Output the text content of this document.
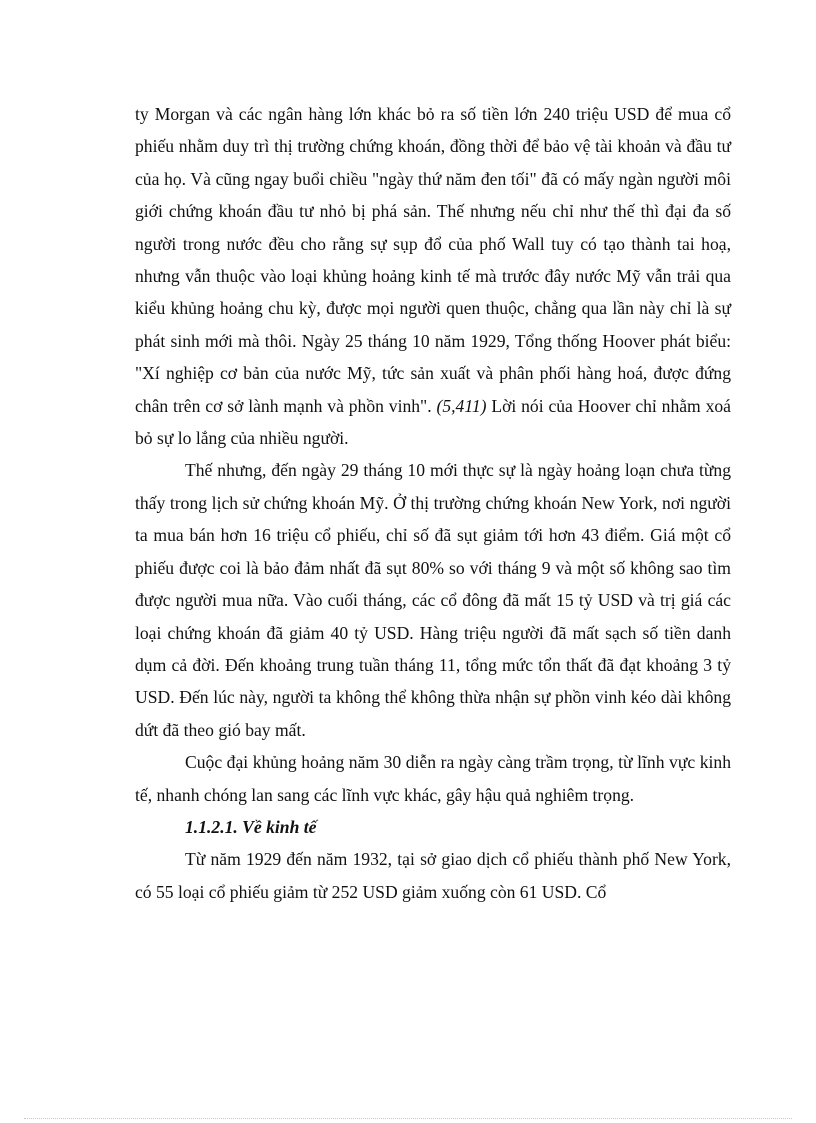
ty Morgan và các ngân hàng lớn khác bỏ ra số tiền lớn 240 triệu USD để mua cổ phiếu nhằm duy trì thị trường chứng khoán, đồng thời để bảo vệ tài khoản và đầu tư của họ. Và cũng ngay buổi chiều "ngày thứ năm đen tối" đã có mấy ngàn người môi giới chứng khoán đầu tư nhỏ bị phá sản. Thế nhưng nếu chỉ như thế thì đại đa số người trong nước đều cho rằng sự sụp đổ của phố Wall tuy có tạo thành tai hoạ, nhưng vẫn thuộc vào loại khủng hoảng kinh tế mà trước đây nước Mỹ vẫn trải qua kiểu khủng hoảng chu kỳ, được mọi người quen thuộc, chẳng qua lần này chỉ là sự phát sinh mới mà thôi. Ngày 25 tháng 10 năm 1929, Tổng thống Hoover phát biểu: "Xí nghiệp cơ bản của nước Mỹ, tức sản xuất và phân phối hàng hoá, được đứng chân trên cơ sở lành mạnh và phồn vinh". (5,411) Lời nói của Hoover chỉ nhằm xoá bỏ sự lo lắng của nhiều người.

Thế nhưng, đến ngày 29 tháng 10 mới thực sự là ngày hoảng loạn chưa từng thấy trong lịch sử chứng khoán Mỹ. Ở thị trường chứng khoán New York, nơi người ta mua bán hơn 16 triệu cổ phiếu, chỉ số đã sụt giảm tới hơn 43 điểm. Giá một cổ phiếu được coi là bảo đảm nhất đã sụt 80% so với tháng 9 và một số không sao tìm được người mua nữa. Vào cuối tháng, các cổ đông đã mất 15 tỷ USD và trị giá các loại chứng khoán đã giảm 40 tỷ USD. Hàng triệu người đã mất sạch số tiền danh dụm cả đời. Đến khoảng trung tuần tháng 11, tổng mức tổn thất đã đạt khoảng 3 tỷ USD. Đến lúc này, người ta không thể không thừa nhận sự phồn vinh kéo dài không dứt đã theo gió bay mất.

Cuộc đại khủng hoảng năm 30 diễn ra ngày càng trầm trọng, từ lĩnh vực kinh tế, nhanh chóng lan sang các lĩnh vực khác, gây hậu quả nghiêm trọng.

1.1.2.1. Về kinh tế

Từ năm 1929 đến năm 1932, tại sở giao dịch cổ phiếu thành phố New York, có 55 loại cổ phiếu giảm từ 252 USD giảm xuống còn 61 USD. Cổ
